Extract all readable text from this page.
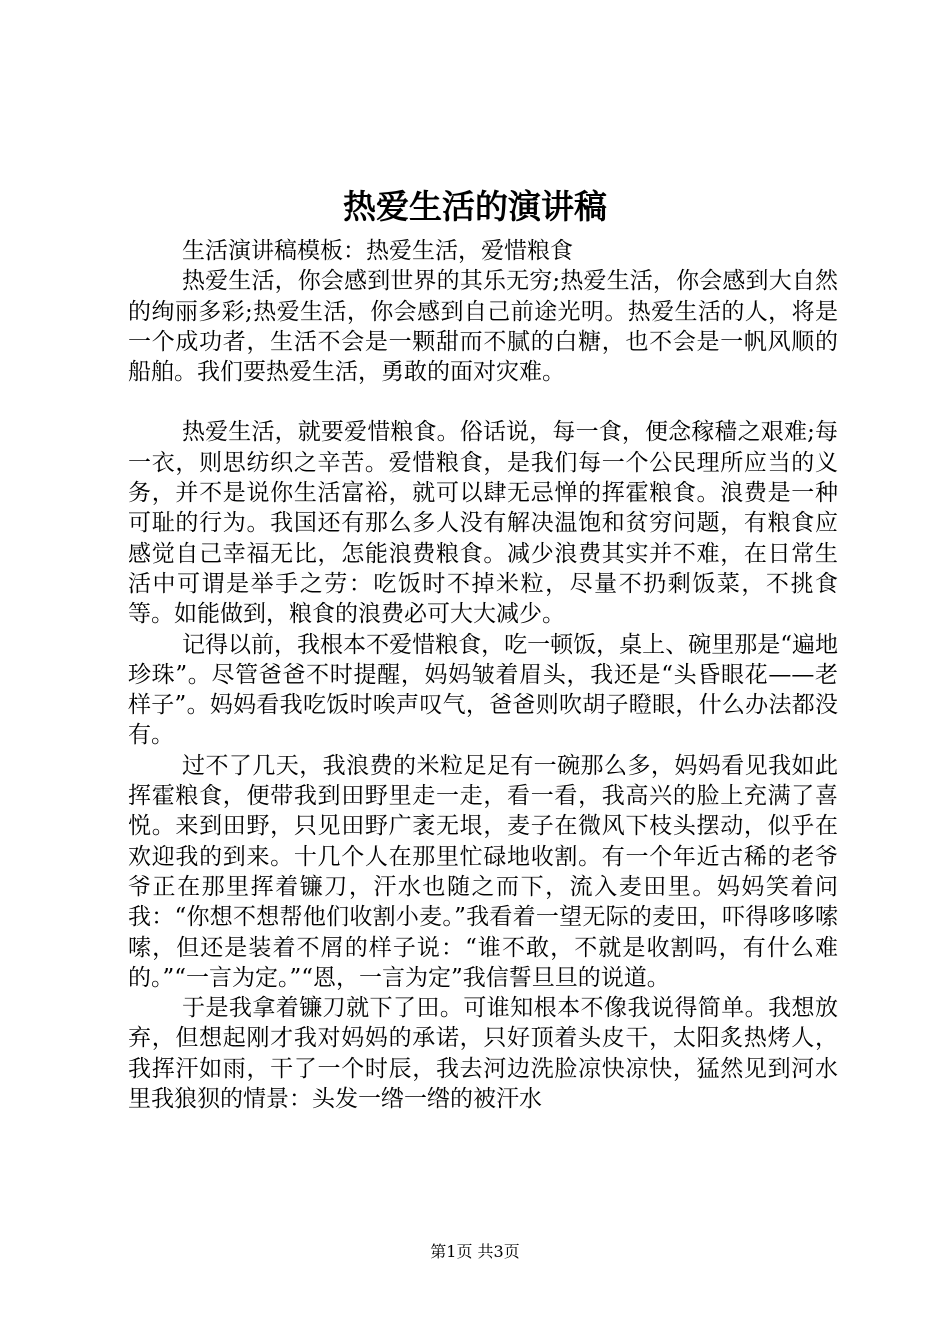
热爱生活的演讲稿

生活演讲稿模板：热爱生活，爱惜粮食

热爱生活，你会感到世界的其乐无穷;热爱生活，你会感到大自然的绚丽多彩;热爱生活，你会感到自己前途光明。热爱生活的人，将是一个成功者，生活不会是一颗甜而不腻的白糖，也不会是一帆风顺的船舶。我们要热爱生活，勇敢的面对灾难。

热爱生活，就要爱惜粮食。俗话说，每一食，便念稼穑之艰难;每一衣，则思纺织之辛苦。爱惜粮食，是我们每一个公民理所应当的义务，并不是说你生活富裕，就可以肆无忌惮的挥霍粮食。浪费是一种可耻的行为。我国还有那么多人没有解决温饱和贫穷问题，有粮食应感觉自己幸福无比，怎能浪费粮食。减少浪费其实并不难，在日常生活中可谓是举手之劳：吃饭时不掉米粒，尽量不扔剩饭菜，不挑食等。如能做到，粮食的浪费必可大大减少。

记得以前，我根本不爱惜粮食，吃一顿饭，桌上、碗里那是“遍地珍珠”。尽管爸爸不时提醒，妈妈皱着眉头，我还是“头昏眼花——老样子”。妈妈看我吃饭时唉声叹气，爸爸则吹胡子瞪眼，什么办法都没有。

过不了几天，我浪费的米粒足足有一碗那么多，妈妈看见我如此挥霍粮食，便带我到田野里走一走，看一看，我高兴的脸上充满了喜悦。来到田野，只见田野广袤无垠，麦子在微风下枝头摆动，似乎在欢迎我的到来。十几个人在那里忙碌地收割。有一个年近古稀的老爷爷正在那里挥着镰刀，汗水也随之而下，流入麦田里。妈妈笑着问我：“你想不想帮他们收割小麦。”我看着一望无际的麦田，吓得哆哆嗦嗦，但还是装着不屑的样子说：“谁不敢，不就是收割吗，有什么难的。”“一言为定。”“恩，一言为定”我信誓旦旦的说道。

于是我拿着镰刀就下了田。可谁知根本不像我说得简单。我想放弃，但想起刚才我对妈妈的承诺，只好顶着头皮干，太阳炙热烤人，我挥汗如雨，干了一个时辰，我去河边洗脸凉快凉快，猛然见到河水里我狼狈的情景：头发一绺一绺的被汗水

第1页 共3页
